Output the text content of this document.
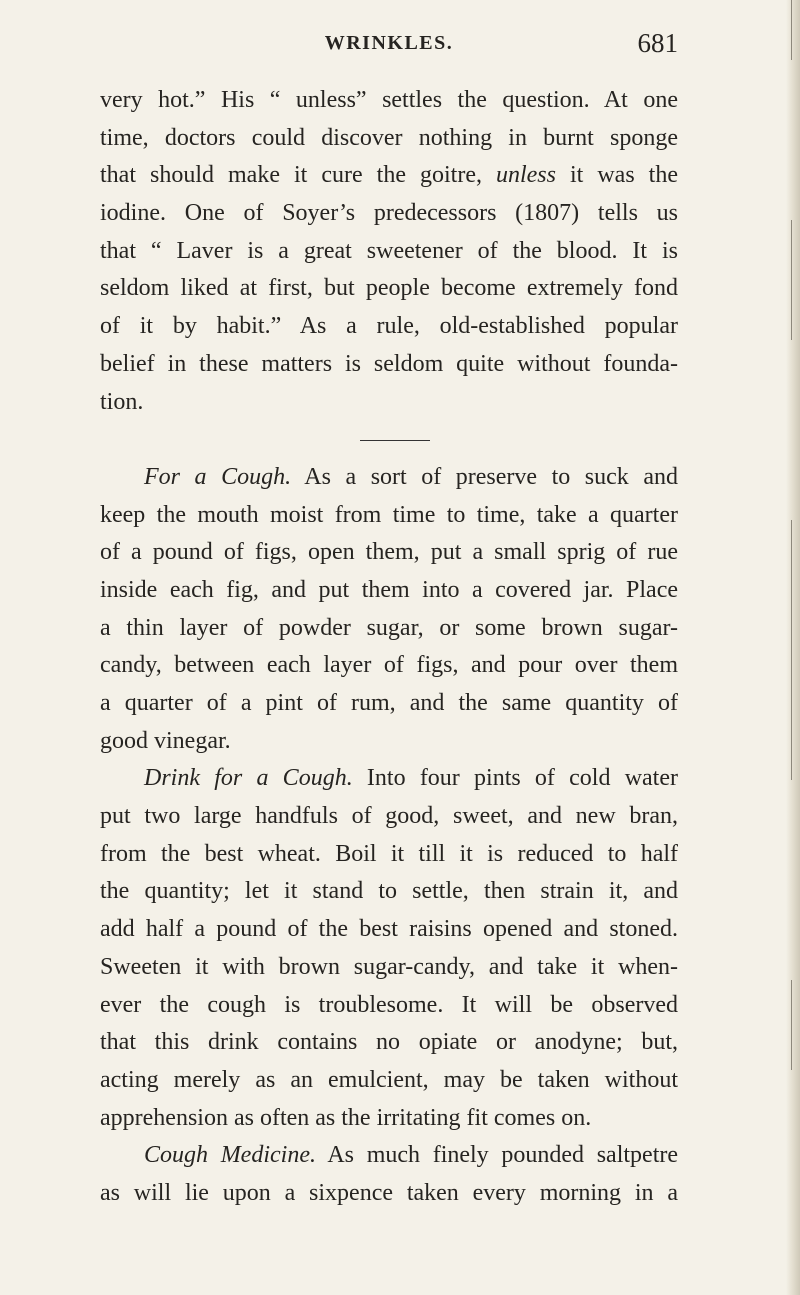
WRINKLES.	681
very hot.” His “ unless” settles the question. At one
time, doctors could discover nothing in burnt sponge
that should make it cure the goitre, unless it was the
iodine. One of Soyer’s predecessors (1807) tells us
that “ Laver is a great sweetener of the blood. It is
seldom liked at first, but people become extremely fond
of it by habit.” As a rule, old-established popular
belief in these matters is seldom quite without founda-
tion.
For a Cough. As a sort of preserve to suck and
keep the mouth moist from time to time, take a quarter
of a pound of figs, open them, put a small sprig of rue
inside each fig, and put them into a covered jar. Place
a thin layer of powder sugar, or some brown sugar-
candy, between each layer of figs, and pour over them
a quarter of a pint of rum, and the same quantity of
good vinegar.
Drink for a Cough. Into four pints of cold water
put two large handfuls of good, sweet, and new bran,
from the best wheat. Boil it till it is reduced to half
the quantity; let it stand to settle, then strain it, and
add half a pound of the best raisins opened and stoned.
Sweeten it with brown sugar-candy, and take it when-
ever the cough is troublesome. It will be observed
that this drink contains no opiate or anodyne; but,
acting merely as an emulcient, may be taken without
apprehension as often as the irritating fit comes on.
Cough Medicine. As much finely pounded saltpetre
as will lie upon a sixpence taken every morning in a
